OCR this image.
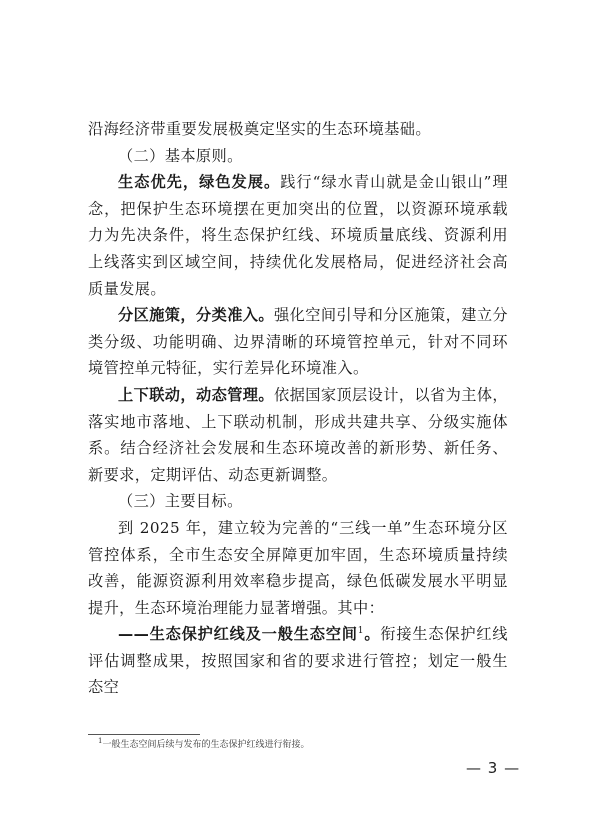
沿海经济带重要发展极奠定坚实的生态环境基础。

（二）基本原则。

生态优先，绿色发展。践行“绿水青山就是金山银山”理念，把保护生态环境摆在更加突出的位置，以资源环境承载力为先决条件，将生态保护红线、环境质量底线、资源利用上线落实到区域空间，持续优化发展格局，促进经济社会高质量发展。

分区施策，分类准入。强化空间引导和分区施策，建立分类分级、功能明确、边界清晰的环境管控单元，针对不同环境管控单元特征，实行差异化环境准入。

上下联动，动态管理。依据国家顶层设计，以省为主体，落实地市落地、上下联动机制，形成共建共享、分级实施体系。结合经济社会发展和生态环境改善的新形势、新任务、新要求，定期评估、动态更新调整。

（三）主要目标。

到 2025 年，建立较为完善的“三线一单”生态环境分区管控体系，全市生态安全屏障更加牢固，生态环境质量持续改善，能源资源利用效率稳步提高，绿色低碳发展水平明显提升，生态环境治理能力显著增强。其中：

——生态保护红线及一般生态空间$^1$。衔接生态保护红线评估调整成果，按照国家和省的要求进行管控；划定一般生态空

$^1$一般生态空间后续与发布的生态保护红线进行衔接。
— 3 —
